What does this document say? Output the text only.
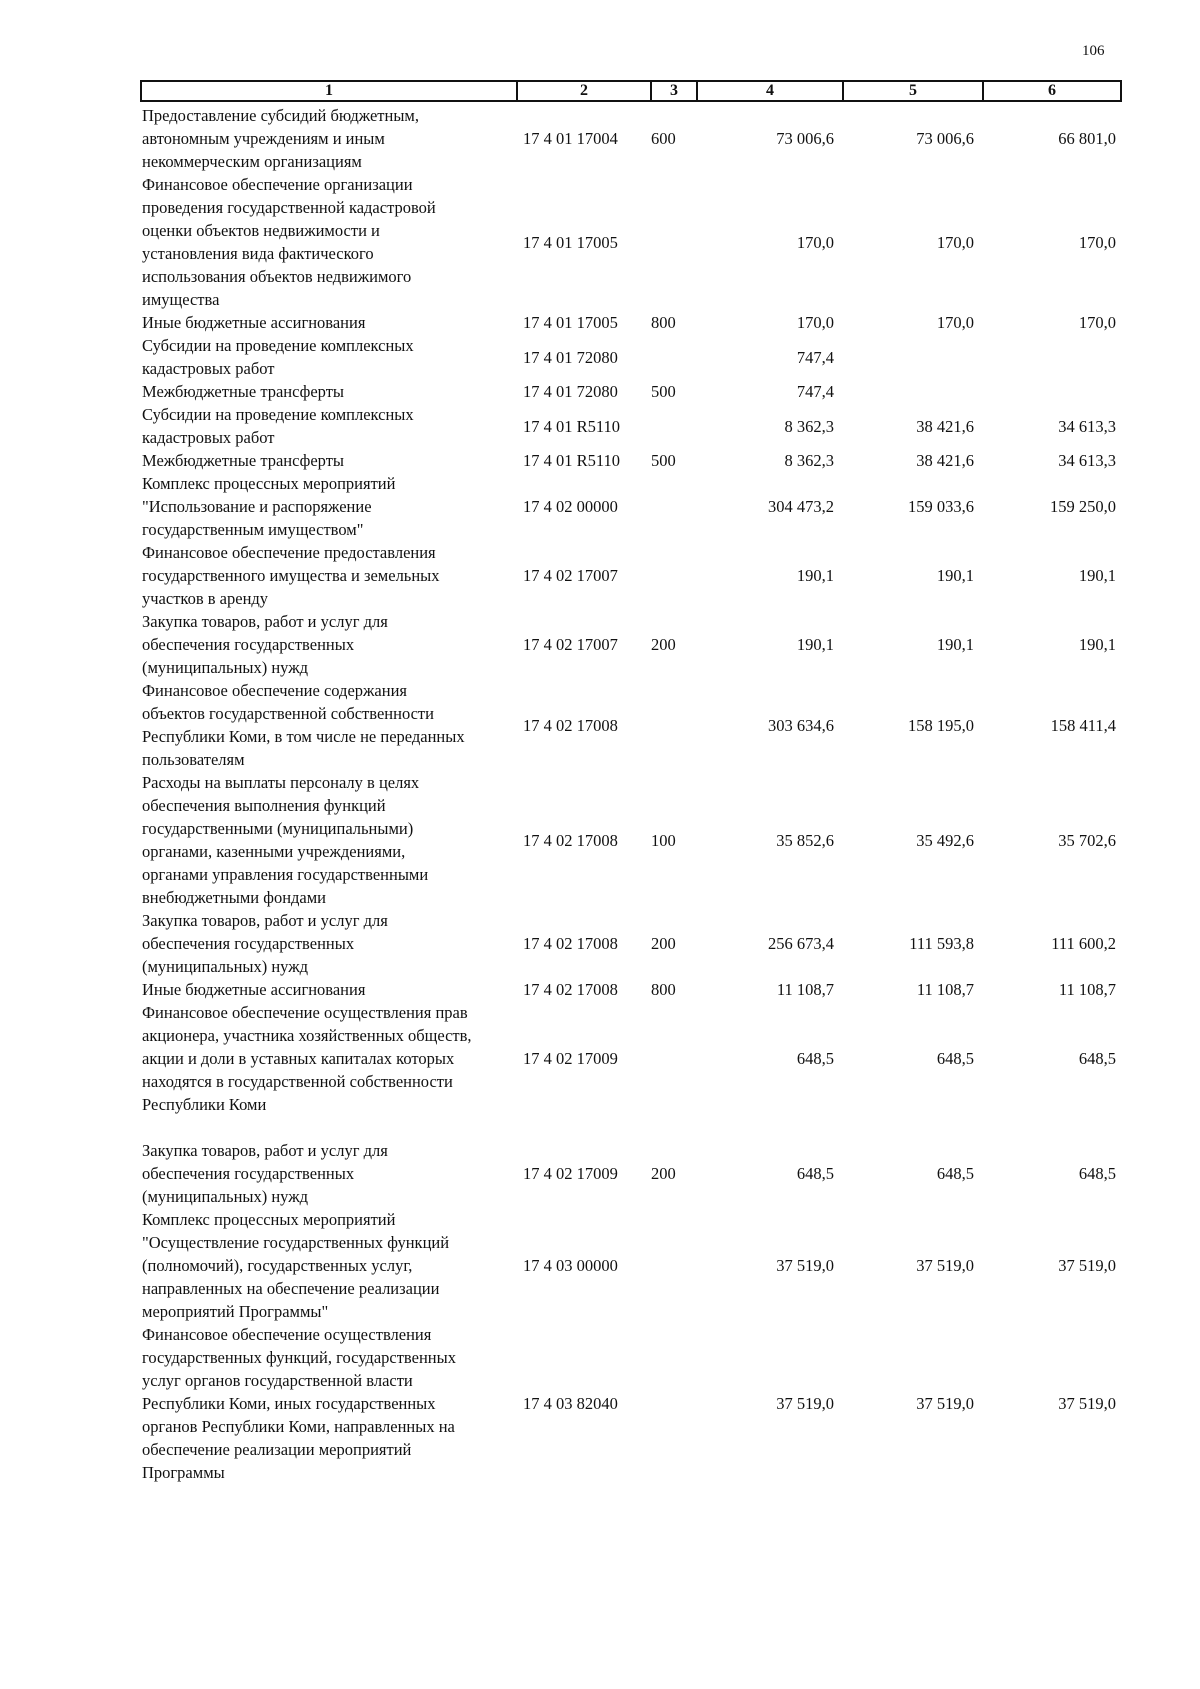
106
1	2	3	4	5	6
Предоставление субсидий бюджетным,
автономным учреждениям и иным
некоммерческим организациям
17 4 01 17004 600	73 006,6	73 006,6	66 801,0
Финансовое обеспечение организации
проведения государственной кадастровой
оценки объектов недвижимости и
установления вида фактического
использования объектов недвижимого
имущества
17 4 01 17005	170,0	170,0	170,0
Иные бюджетные ассигнования	17 4 01 17005 800	170,0	170,0	170,0
Субсидии на проведение комплексных
кадастровых работ
17 4 01 72080	747,4
Межбюджетные трансферты	17 4 01 72080 500	747,4
Субсидии на проведение комплексных
кадастровых работ
17 4 01 R5110	8 362,3	38 421,6	34 613,3
Межбюджетные трансферты	17 4 01 R5110 500	8 362,3	38 421,6	34 613,3
Комплекс процессных мероприятий
"Использование и распоряжение
государственным имуществом"
17 4 02 00000	304 473,2	159 033,6	159 250,0
Финансовое обеспечение предоставления
государственного имущества и земельных
участков в аренду
17 4 02 17007	190,1	190,1	190,1
Закупка товаров, работ и услуг для
обеспечения государственных
(муниципальных) нужд
17 4 02 17007 200	190,1	190,1	190,1
Финансовое обеспечение содержания
объектов государственной собственности
Республики Коми, в том числе не переданных
пользователям
17 4 02 17008	303 634,6	158 195,0	158 411,4
Расходы на выплаты персоналу в целях
обеспечения выполнения функций
государственными (муниципальными)
органами, казенными учреждениями,
органами управления государственными
внебюджетными фондами
17 4 02 17008 100	35 852,6	35 492,6	35 702,6
Закупка товаров, работ и услуг для
обеспечения государственных
(муниципальных) нужд
17 4 02 17008 200	256 673,4	111 593,8	111 600,2
Иные бюджетные ассигнования	17 4 02 17008 800	11 108,7	11 108,7	11 108,7
Финансовое обеспечение осуществления прав
акционера, участника хозяйственных обществ,
акции и доли в уставных капиталах которых
находятся в государственной собственности
Республики Коми
17 4 02 17009	648,5	648,5	648,5
Закупка товаров, работ и услуг для
обеспечения государственных
(муниципальных) нужд
17 4 02 17009 200	648,5	648,5	648,5
Комплекс процессных мероприятий
"Осуществление государственных функций
(полномочий), государственных услуг,
направленных на обеспечение реализации
мероприятий Программы"
17 4 03 00000	37 519,0	37 519,0	37 519,0
Финансовое обеспечение осуществления
государственных функций, государственных
услуг органов государственной власти
Республики Коми, иных государственных
органов Республики Коми, направленных на
обеспечение реализации мероприятий
Программы
17 4 03 82040	37 519,0	37 519,0	37 519,0
